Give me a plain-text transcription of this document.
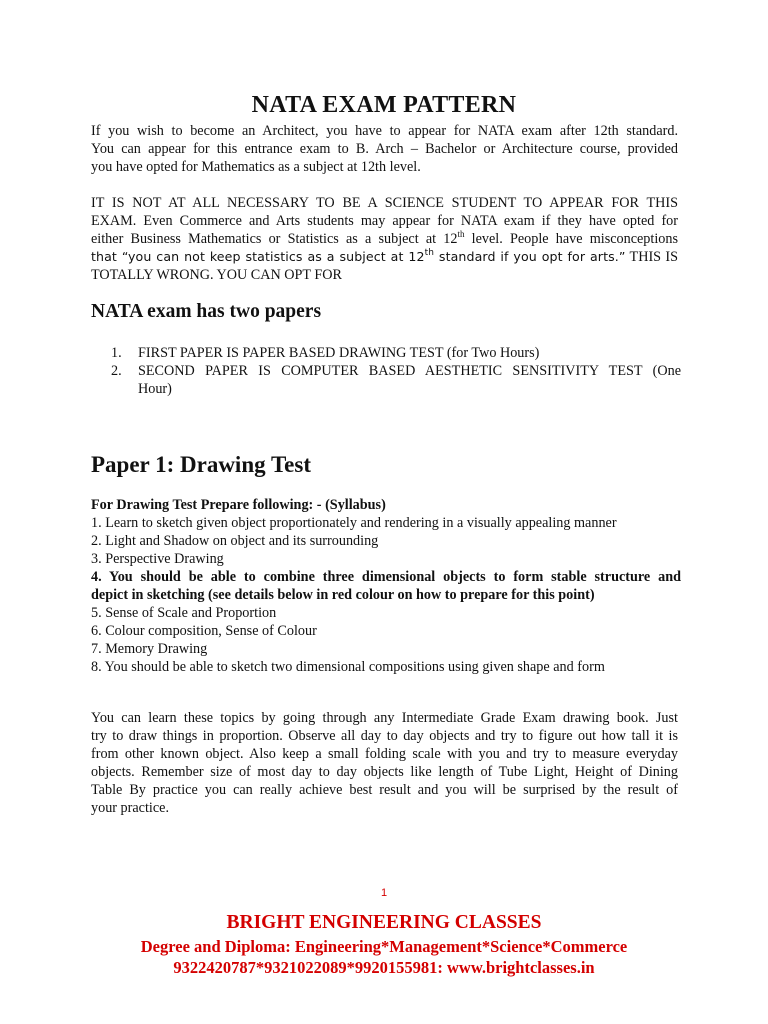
NATA EXAM PATTERN
If you wish to become an Architect, you have to appear for NATA exam after 12th standard.
You can appear for this entrance exam to B. Arch – Bachelor or Architecture course, provided
you have opted for Mathematics as a subject at 12th level.
IT IS NOT AT ALL NECESSARY TO BE A SCIENCE STUDENT TO APPEAR FOR THIS
EXAM. Even Commerce and Arts students may appear for NATA exam if they have opted for
either Business Mathematics or Statistics as a subject at 12th level. People have misconceptions
that “you can not keep statistics as a subject at 12th standard if you opt for arts.” THIS IS
TOTALLY WRONG. YOU CAN OPT FOR
NATA exam has two papers
1. FIRST PAPER IS PAPER BASED DRAWING TEST (for Two Hours)
2. SECOND PAPER IS COMPUTER BASED AESTHETIC SENSITIVITY TEST (One
Hour)
Paper 1: Drawing Test
For Drawing Test Prepare following: - (Syllabus)
1. Learn to sketch given object proportionately and rendering in a visually appealing manner
2. Light and Shadow on object and its surrounding
3. Perspective Drawing
4. You should be able to combine three dimensional objects to form stable structure and
depict in sketching (see details below in red colour on how to prepare for this point)
5. Sense of Scale and Proportion
6. Colour composition, Sense of Colour
7. Memory Drawing
8. You should be able to sketch two dimensional compositions using given shape and form
You can learn these topics by going through any Intermediate Grade Exam drawing book. Just
try to draw things in proportion. Observe all day to day objects and try to figure out how tall it is
from other known object. Also keep a small folding scale with you and try to measure everyday
objects. Remember size of most day to day objects like length of Tube Light, Height of Dining
Table By practice you can really achieve best result and you will be surprised by the result of
your practice.
1
BRIGHT ENGINEERING CLASSES
Degree and Diploma: Engineering*Management*Science*Commerce
9322420787*9321022089*9920155981: www.brightclasses.in
